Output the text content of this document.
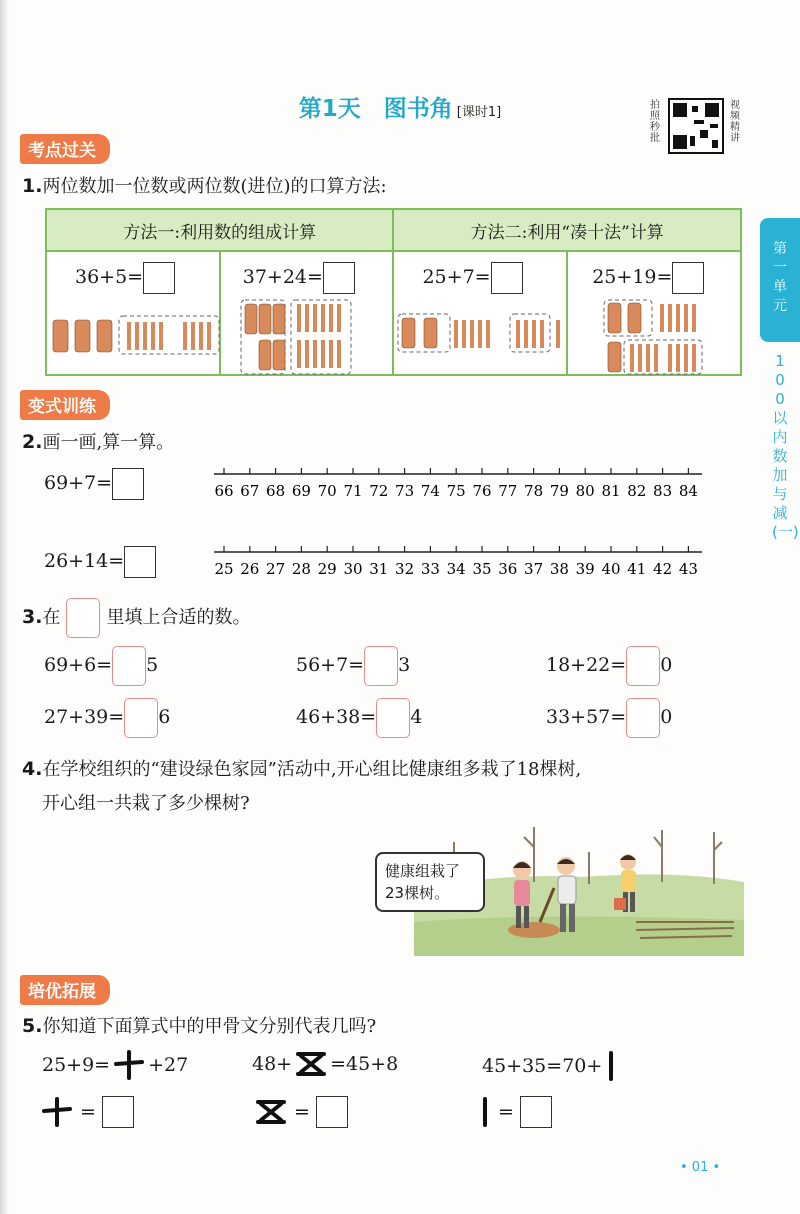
第1天　图书角 [课时1]	拍照秒批
视频精讲
第一单元
100以内数加与减(一)
考点过关
1.两位数加一位数或两位数(进位)的口算方法:
方法一:利用数的组成计算		方法二:利用“凑十法”计算	

36+5=	37+24=	25+7=	25+19=
变式训练
2.画一画,算一算。
69+7=	66 67 68 69 70 71 72 73 74 75 76 77 78 79 80 81 82 83 84
26+14=	25 26 27 28 29 30 31 32 33 34 35 36 37 38 39 40 41 42 43
3.在	里填上合适的数。
69+6= 5	56+7= 3	18+22= 0
27+39= 6	46+38= 4	33+57= 0
4.在学校组织的“建设绿色家园”活动中,开心组比健康组多栽了18棵树,
开心组一共栽了多少棵树?
健康组栽了
23棵树。
培优拓展
5.你知道下面算式中的甲骨文分别代表几吗?
25+9= +27	48+ =45+8	45+35=70+
=	=	=
• 01 •
